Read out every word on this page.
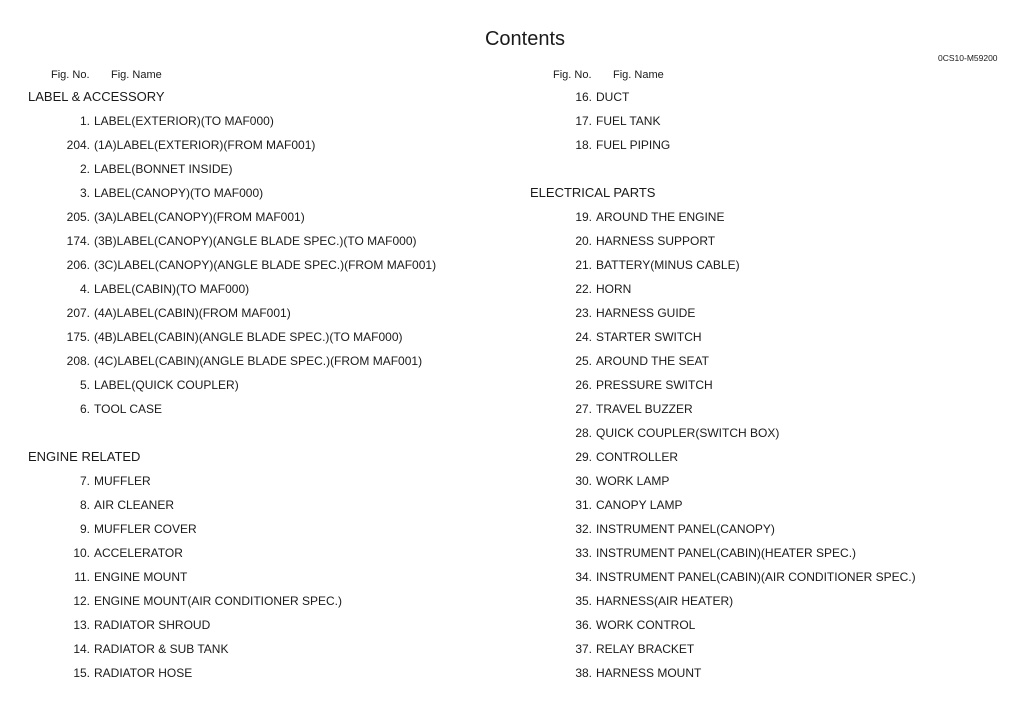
Contents
0CS10-M59200
Fig. No. Fig. Name
LABEL & ACCESSORY
1. LABEL(EXTERIOR)(TO MAF000)
204. (1A)LABEL(EXTERIOR)(FROM MAF001)
2. LABEL(BONNET INSIDE)
3. LABEL(CANOPY)(TO MAF000)
205. (3A)LABEL(CANOPY)(FROM MAF001)
174. (3B)LABEL(CANOPY)(ANGLE BLADE SPEC.)(TO MAF000)
206. (3C)LABEL(CANOPY)(ANGLE BLADE SPEC.)(FROM MAF001)
4. LABEL(CABIN)(TO MAF000)
207. (4A)LABEL(CABIN)(FROM MAF001)
175. (4B)LABEL(CABIN)(ANGLE BLADE SPEC.)(TO MAF000)
208. (4C)LABEL(CABIN)(ANGLE BLADE SPEC.)(FROM MAF001)
5. LABEL(QUICK COUPLER)
6. TOOL CASE
ENGINE RELATED
7. MUFFLER
8. AIR CLEANER
9. MUFFLER COVER
10. ACCELERATOR
11. ENGINE MOUNT
12. ENGINE MOUNT(AIR CONDITIONER SPEC.)
13. RADIATOR SHROUD
14. RADIATOR & SUB TANK
15. RADIATOR HOSE
Fig. No. Fig. Name
16. DUCT
17. FUEL TANK
18. FUEL PIPING
ELECTRICAL PARTS
19. AROUND THE ENGINE
20. HARNESS SUPPORT
21. BATTERY(MINUS CABLE)
22. HORN
23. HARNESS GUIDE
24. STARTER SWITCH
25. AROUND THE SEAT
26. PRESSURE SWITCH
27. TRAVEL BUZZER
28. QUICK COUPLER(SWITCH BOX)
29. CONTROLLER
30. WORK LAMP
31. CANOPY LAMP
32. INSTRUMENT PANEL(CANOPY)
33. INSTRUMENT PANEL(CABIN)(HEATER SPEC.)
34. INSTRUMENT PANEL(CABIN)(AIR CONDITIONER SPEC.)
35. HARNESS(AIR HEATER)
36. WORK CONTROL
37. RELAY BRACKET
38. HARNESS MOUNT
